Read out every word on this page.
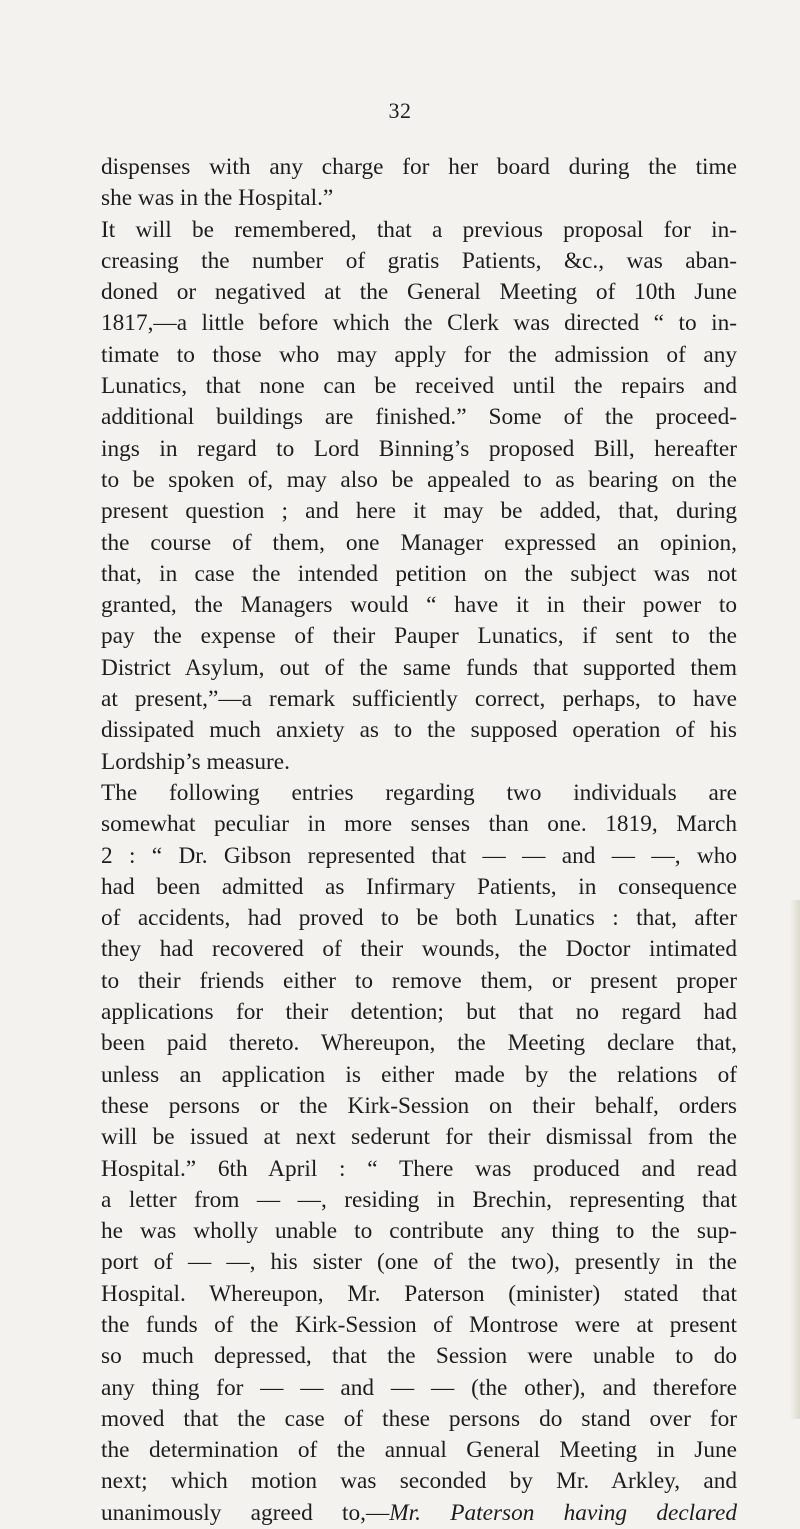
32
dispenses with any charge for her board during the time
she was in the Hospital.”
It will be remembered, that a previous proposal for in-
creasing the number of gratis Patients, &c., was aban-
doned or negatived at the General Meeting of 10th June
1817,—a little before which the Clerk was directed “ to in-
timate to those who may apply for the admission of any
Lunatics, that none can be received until the repairs and
additional buildings are finished.” Some of the proceed-
ings in regard to Lord Binning’s proposed Bill, hereafter
to be spoken of, may also be appealed to as bearing on the
present question ; and here it may be added, that, during
the course of them, one Manager expressed an opinion,
that, in case the intended petition on the subject was not
granted, the Managers would “ have it in their power to
pay the expense of their Pauper Lunatics, if sent to the
District Asylum, out of the same funds that supported them
at present,”—a remark sufficiently correct, perhaps, to have
dissipated much anxiety as to the supposed operation of his
Lordship’s measure.
The following entries regarding two individuals are
somewhat peculiar in more senses than one. 1819, March
2 : “ Dr. Gibson represented that — — and — —, who
had been admitted as Infirmary Patients, in consequence
of accidents, had proved to be both Lunatics : that, after
they had recovered of their wounds, the Doctor intimated
to their friends either to remove them, or present proper
applications for their detention; but that no regard had
been paid thereto. Whereupon, the Meeting declare that,
unless an application is either made by the relations of
these persons or the Kirk-Session on their behalf, orders
will be issued at next sederunt for their dismissal from the
Hospital.” 6th April : “ There was produced and read
a letter from — —, residing in Brechin, representing that
he was wholly unable to contribute any thing to the sup-
port of — —, his sister (one of the two), presently in the
Hospital. Whereupon, Mr. Paterson (minister) stated that
the funds of the Kirk-Session of Montrose were at present
so much depressed, that the Session were unable to do
any thing for — — and — — (the other), and therefore
moved that the case of these persons do stand over for
the determination of the annual General Meeting in June
next; which motion was seconded by Mr. Arkley, and
unanimously agreed to,—Mr. Paterson having declared
